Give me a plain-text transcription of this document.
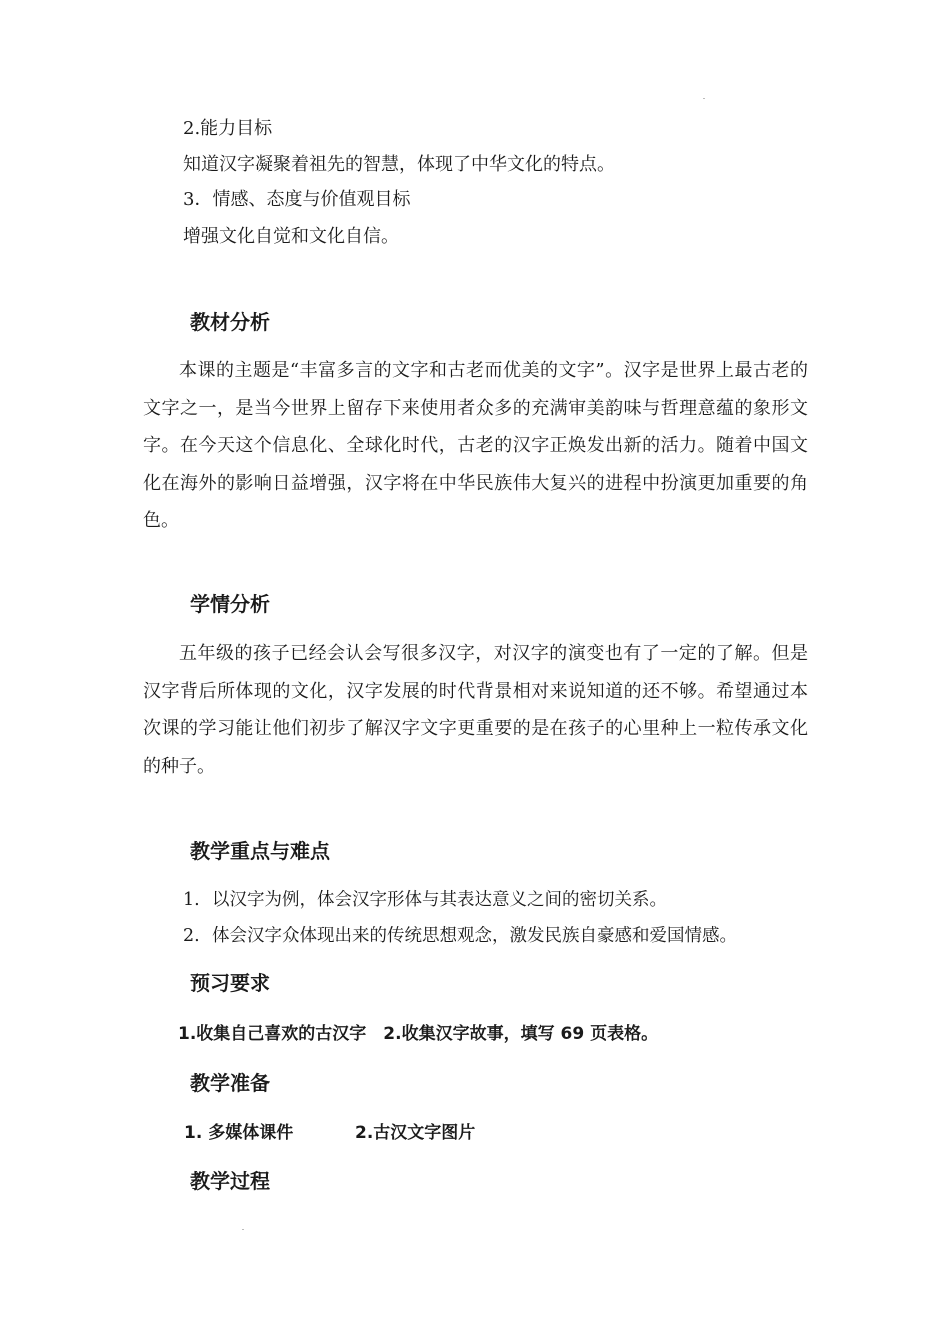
2.能力目标
知道汉字凝聚着祖先的智慧，体现了中华文化的特点。
3．情感、态度与价值观目标
增强文化自觉和文化自信。
教材分析
本课的主题是“丰富多言的文字和古老而优美的文字”。汉字是世界上最古老的文字之一，是当今世界上留存下来使用者众多的充满审美韵味与哲理意蕴的象形文字。在今天这个信息化、全球化时代，古老的汉字正焕发出新的活力。随着中国文化在海外的影响日益增强，汉字将在中华民族伟大复兴的进程中扮演更加重要的角色。
学情分析
五年级的孩子已经会认会写很多汉字，对汉字的演变也有了一定的了解。但是汉字背后所体现的文化，汉字发展的时代背景相对来说知道的还不够。希望通过本次课的学习能让他们初步了解汉字文字更重要的是在孩子的心里种上一粒传承文化的种子。
教学重点与难点
1. 以汉字为例，体会汉字形体与其表达意义之间的密切关系。
2. 体会汉字众体现出来的传统思想观念，激发民族自豪感和爱国情感。
预习要求
1.收集自己喜欢的古汉字　2.收集汉字故事，填写 69 页表格。
教学准备
1. 多媒体课件	2.古汉文字图片
教学过程
